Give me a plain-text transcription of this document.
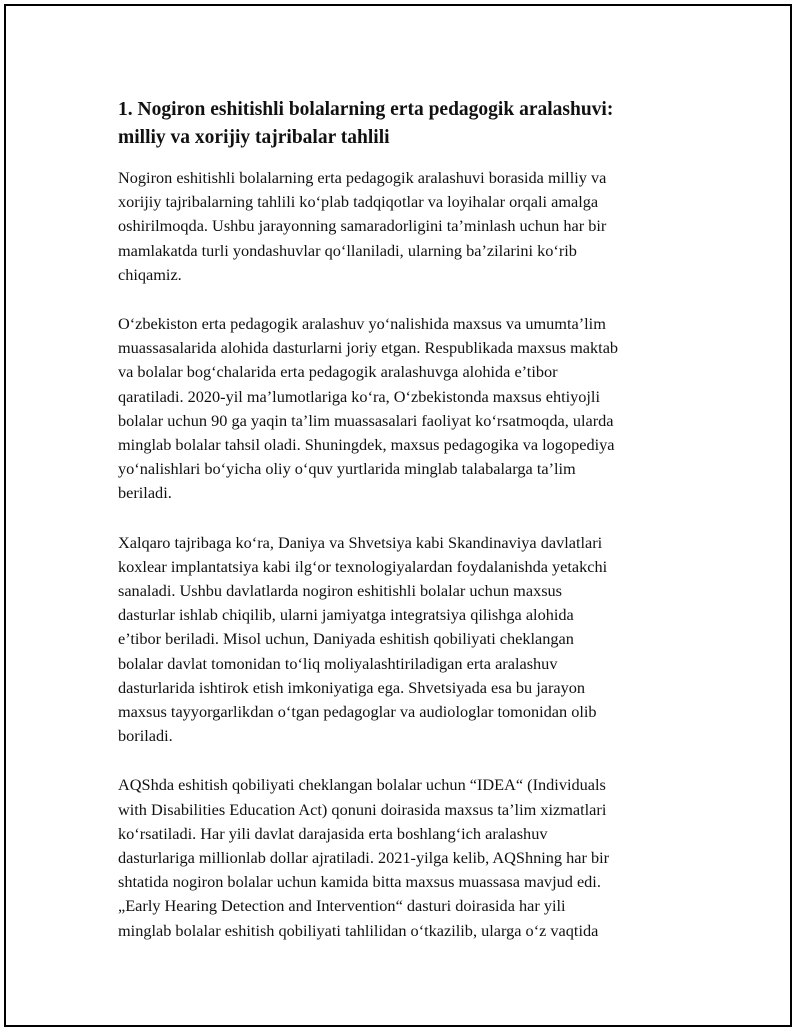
1. Nogiron eshitishli bolalarning erta pedagogik aralashuvi:
milliy va xorijiy tajribalar tahlili

Nogiron eshitishli bolalarning erta pedagogik aralashuvi borasida milliy va
xorijiy tajribalarning tahlili ko‘plab tadqiqotlar va loyihalar orqali amalga
oshirilmoqda. Ushbu jarayonning samaradorligini ta’minlash uchun har bir
mamlakatda turli yondashuvlar qo‘llaniladi, ularning ba’zilarini ko‘rib
chiqamiz.

O‘zbekiston erta pedagogik aralashuv yo‘nalishida maxsus va umumta’lim
muassasalarida alohida dasturlarni joriy etgan. Respublikada maxsus maktab
va bolalar bog‘chalarida erta pedagogik aralashuvga alohida e’tibor
qaratiladi. 2020-yil ma’lumotlariga ko‘ra, O‘zbekistonda maxsus ehtiyojli
bolalar uchun 90 ga yaqin ta’lim muassasalari faoliyat ko‘rsatmoqda, ularda
minglab bolalar tahsil oladi. Shuningdek, maxsus pedagogika va logopediya
yo‘nalishlari bo‘yicha oliy o‘quv yurtlarida minglab talabalarga ta’lim
beriladi.

Xalqaro tajribaga ko‘ra, Daniya va Shvetsiya kabi Skandinaviya davlatlari
koxlear implantatsiya kabi ilg‘or texnologiyalardan foydalanishda yetakchi
sanaladi. Ushbu davlatlarda nogiron eshitishli bolalar uchun maxsus
dasturlar ishlab chiqilib, ularni jamiyatga integratsiya qilishga alohida
e’tibor beriladi. Misol uchun, Daniyada eshitish qobiliyati cheklangan
bolalar davlat tomonidan to‘liq moliyalashtiriladigan erta aralashuv
dasturlarida ishtirok etish imkoniyatiga ega. Shvetsiyada esa bu jarayon
maxsus tayyorgarlikdan o‘tgan pedagoglar va audiologlar tomonidan olib
boriladi.

AQShda eshitish qobiliyati cheklangan bolalar uchun “IDEA“ (Individuals
with Disabilities Education Act) qonuni doirasida maxsus ta’lim xizmatlari
ko‘rsatiladi. Har yili davlat darajasida erta boshlang‘ich aralashuv
dasturlariga millionlab dollar ajratiladi. 2021-yilga kelib, AQShning har bir
shtatida nogiron bolalar uchun kamida bitta maxsus muassasa mavjud edi.
„Early Hearing Detection and Intervention“ dasturi doirasida har yili
minglab bolalar eshitish qobiliyati tahlilidan o‘tkazilib, ularga o‘z vaqtida
